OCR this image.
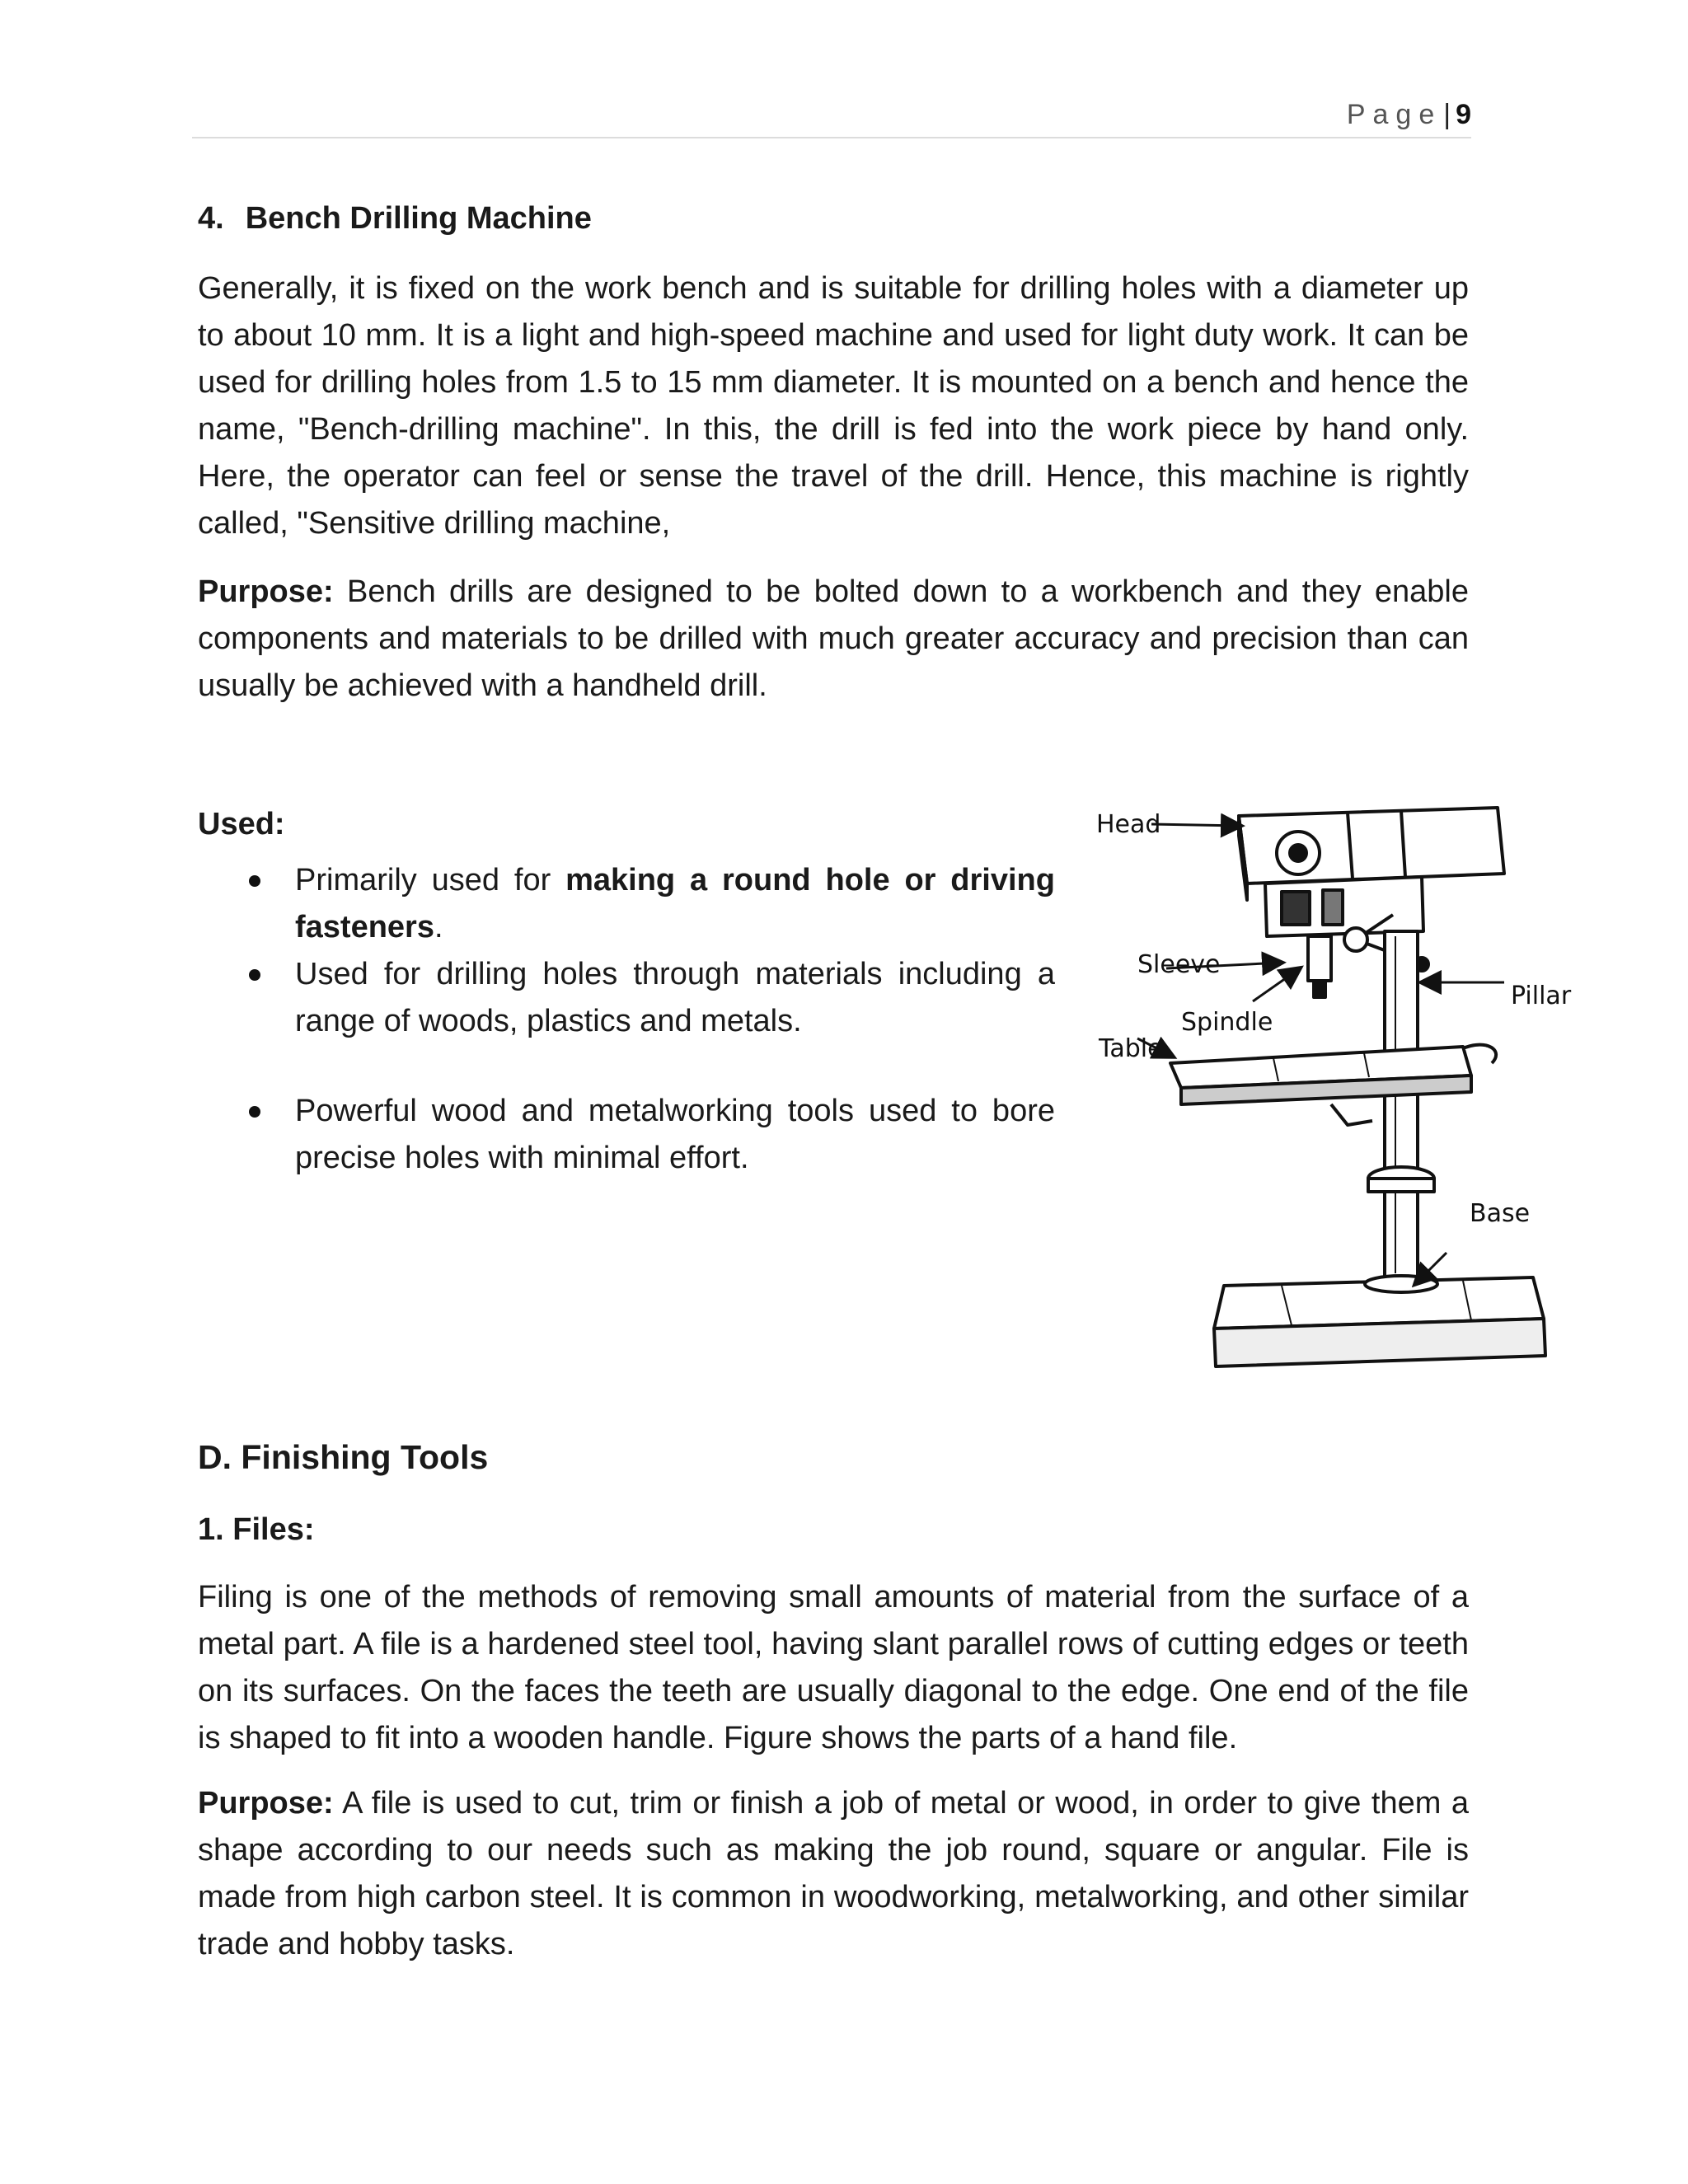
Page| 9
4. Bench Drilling Machine
Generally, it is fixed on the work bench and is suitable for drilling holes with a diameter up to about 10 mm. It is a light and high-speed machine and used for light duty work. It can be used for drilling holes from 1.5 to 15 mm diameter. It is mounted on a bench and hence the name, "Bench-drilling machine". In this, the drill is fed into the work piece by hand only. Here, the operator can feel or sense the travel of the drill. Hence, this machine is rightly called, "Sensitive drilling machine,
Purpose: Bench drills are designed to be bolted down to a workbench and they enable components and materials to be drilled with much greater accuracy and precision than can usually be achieved with a handheld drill.
Used:

Primarily used for making a round hole or driving fasteners.

Used for drilling holes through materials including a range of woods, plastics and metals.

Powerful wood and metalworking tools used to bore precise holes with minimal effort.

Head
Sleeve
Spindle
Table
Pillar
Base
D. Finishing Tools
1. Files:
Filing is one of the methods of removing small amounts of material from the surface of a metal part. A file is a hardened steel tool, having slant parallel rows of cutting edges or teeth on its surfaces. On the faces the teeth are usually diagonal to the edge. One end of the file is shaped to fit into a wooden handle. Figure shows the parts of a hand file.
Purpose: A file is used to cut, trim or finish a job of metal or wood, in order to give them a shape according to our needs such as making the job round, square or angular. File is made from high carbon steel. It is common in woodworking, metalworking, and other similar trade and hobby tasks.
